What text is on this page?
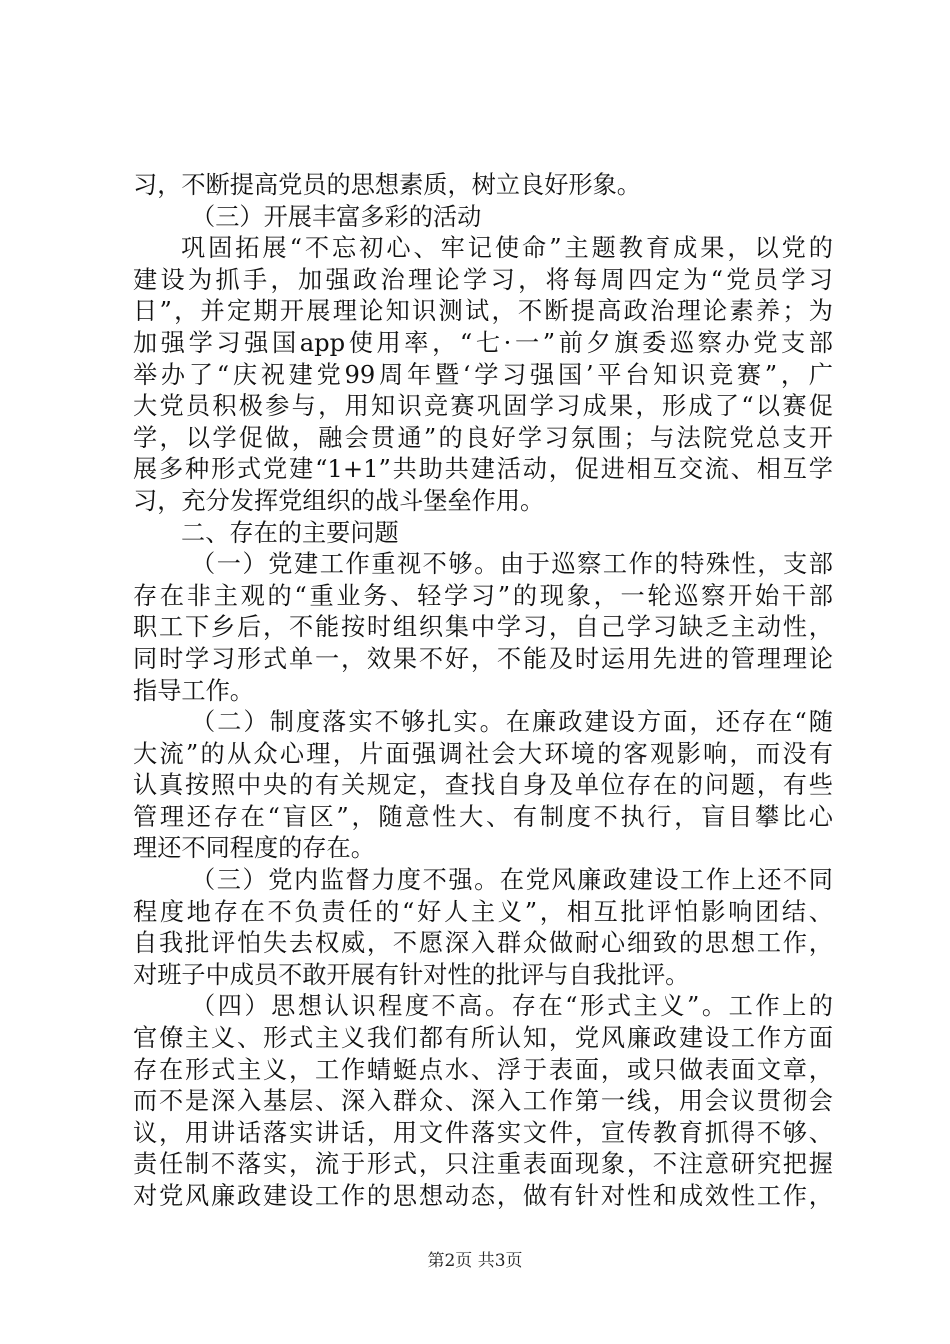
习，不断提高党员的思想素质，树立良好形象。
（三）开展丰富多彩的活动
巩固拓展“不忘初心、牢记使命”主题教育成果，以党的
建设为抓手，加强政治理论学习，将每周四定为“党员学习
日”，并定期开展理论知识测试，不断提高政治理论素养；为
加强学习强国app使用率，“七·一”前夕旗委巡察办党支部
举办了“庆祝建党99周年暨‘学习强国’平台知识竞赛”，广
大党员积极参与，用知识竞赛巩固学习成果，形成了“以赛促
学，以学促做，融会贯通”的良好学习氛围；与法院党总支开
展多种形式党建“1+1”共助共建活动，促进相互交流、相互学
习，充分发挥党组织的战斗堡垒作用。
二、存在的主要问题
（一）党建工作重视不够。由于巡察工作的特殊性，支部
存在非主观的“重业务、轻学习”的现象，一轮巡察开始干部
职工下乡后，不能按时组织集中学习，自己学习缺乏主动性，
同时学习形式单一，效果不好，不能及时运用先进的管理理论
指导工作。
（二）制度落实不够扎实。在廉政建设方面，还存在“随
大流”的从众心理，片面强调社会大环境的客观影响，而没有
认真按照中央的有关规定，查找自身及单位存在的问题，有些
管理还存在“盲区”，随意性大、有制度不执行，盲目攀比心
理还不同程度的存在。
（三）党内监督力度不强。在党风廉政建设工作上还不同
程度地存在不负责任的“好人主义”，相互批评怕影响团结、
自我批评怕失去权威，不愿深入群众做耐心细致的思想工作，
对班子中成员不敢开展有针对性的批评与自我批评。
（四）思想认识程度不高。存在“形式主义”。工作上的
官僚主义、形式主义我们都有所认知，党风廉政建设工作方面
存在形式主义，工作蜻蜓点水、浮于表面，或只做表面文章，
而不是深入基层、深入群众、深入工作第一线，用会议贯彻会
议，用讲话落实讲话，用文件落实文件，宣传教育抓得不够、
责任制不落实，流于形式，只注重表面现象，不注意研究把握
对党风廉政建设工作的思想动态，做有针对性和成效性工作，
第2页 共3页
